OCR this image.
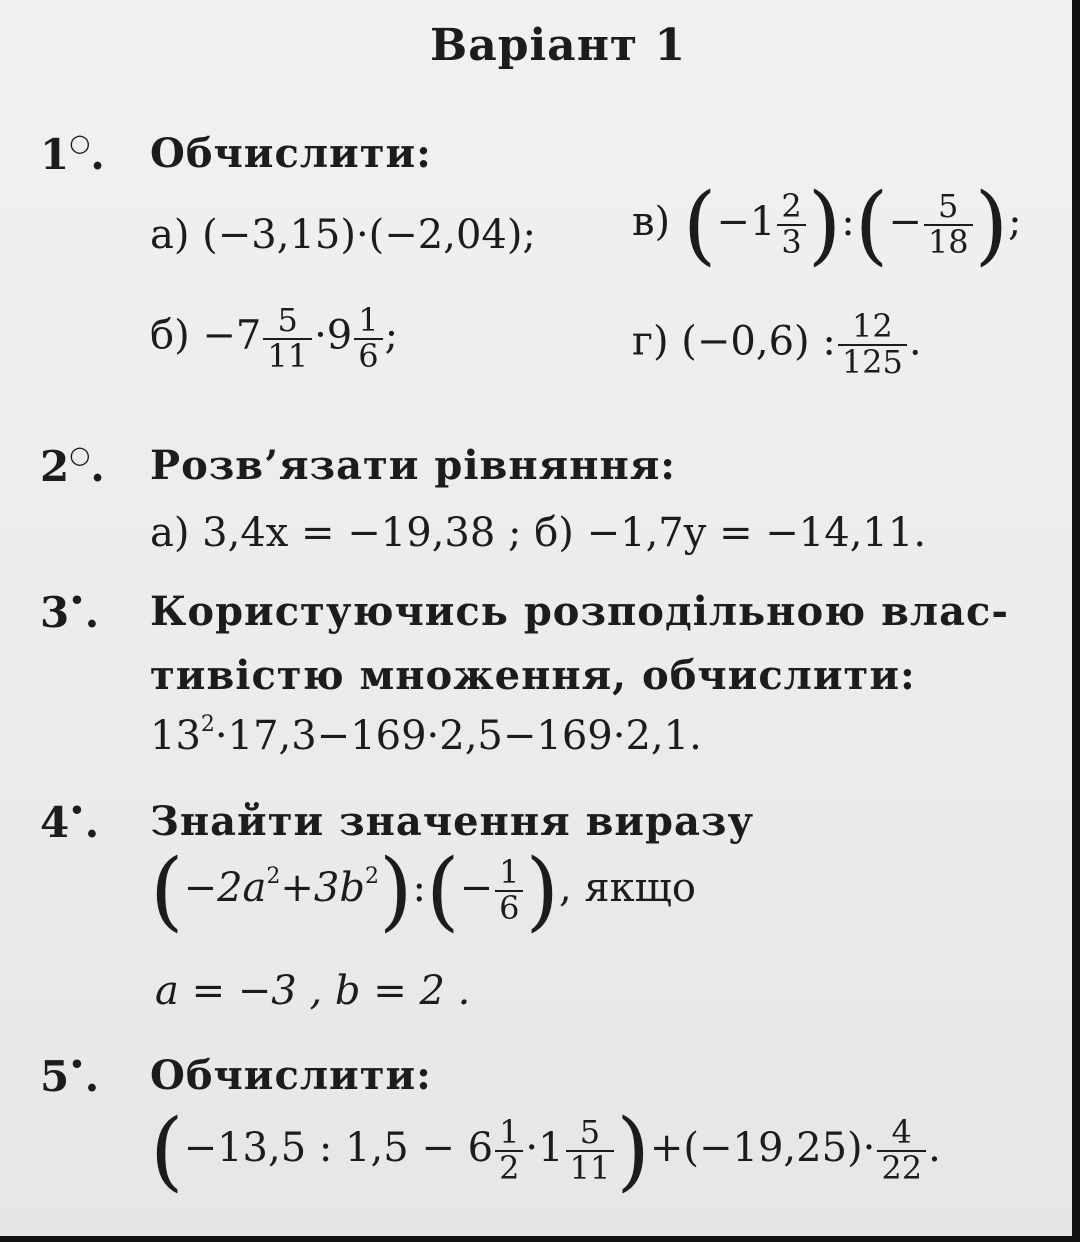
Варіант 1
1○. Обчислити:
а) (−3,15)·(−2,04); в) ($-1 \frac{2}{3}$ ):(− $\frac{5}{18}$ );
$б) -7 \frac{5}{11} \cdot 9 \frac{1}{6}$ ;	г) (−0,6) : $\frac{12}{125}$ .
2○. Розв’язати рівняння:
а) 3,4x = −19,38 ; б) −1,7y = −14,11.
3•. Користуючись розподільною влас-
тивістю множення, обчислити:
$13^2\cdot 17,3-169\cdot 2,5-169\cdot 2,1$.
4•. Знайти значення виразу
$(-2a^2+3b^2):(- \frac{1}{6}$ ), якщо
a = −3 , b = 2 .
5•. Обчислити:
(−13,5 : $1,5 - 6 \frac{1}{2} \cdot 1 \frac{5}{11} )+(-19,25)\cdot \frac{4}{22}$ .
